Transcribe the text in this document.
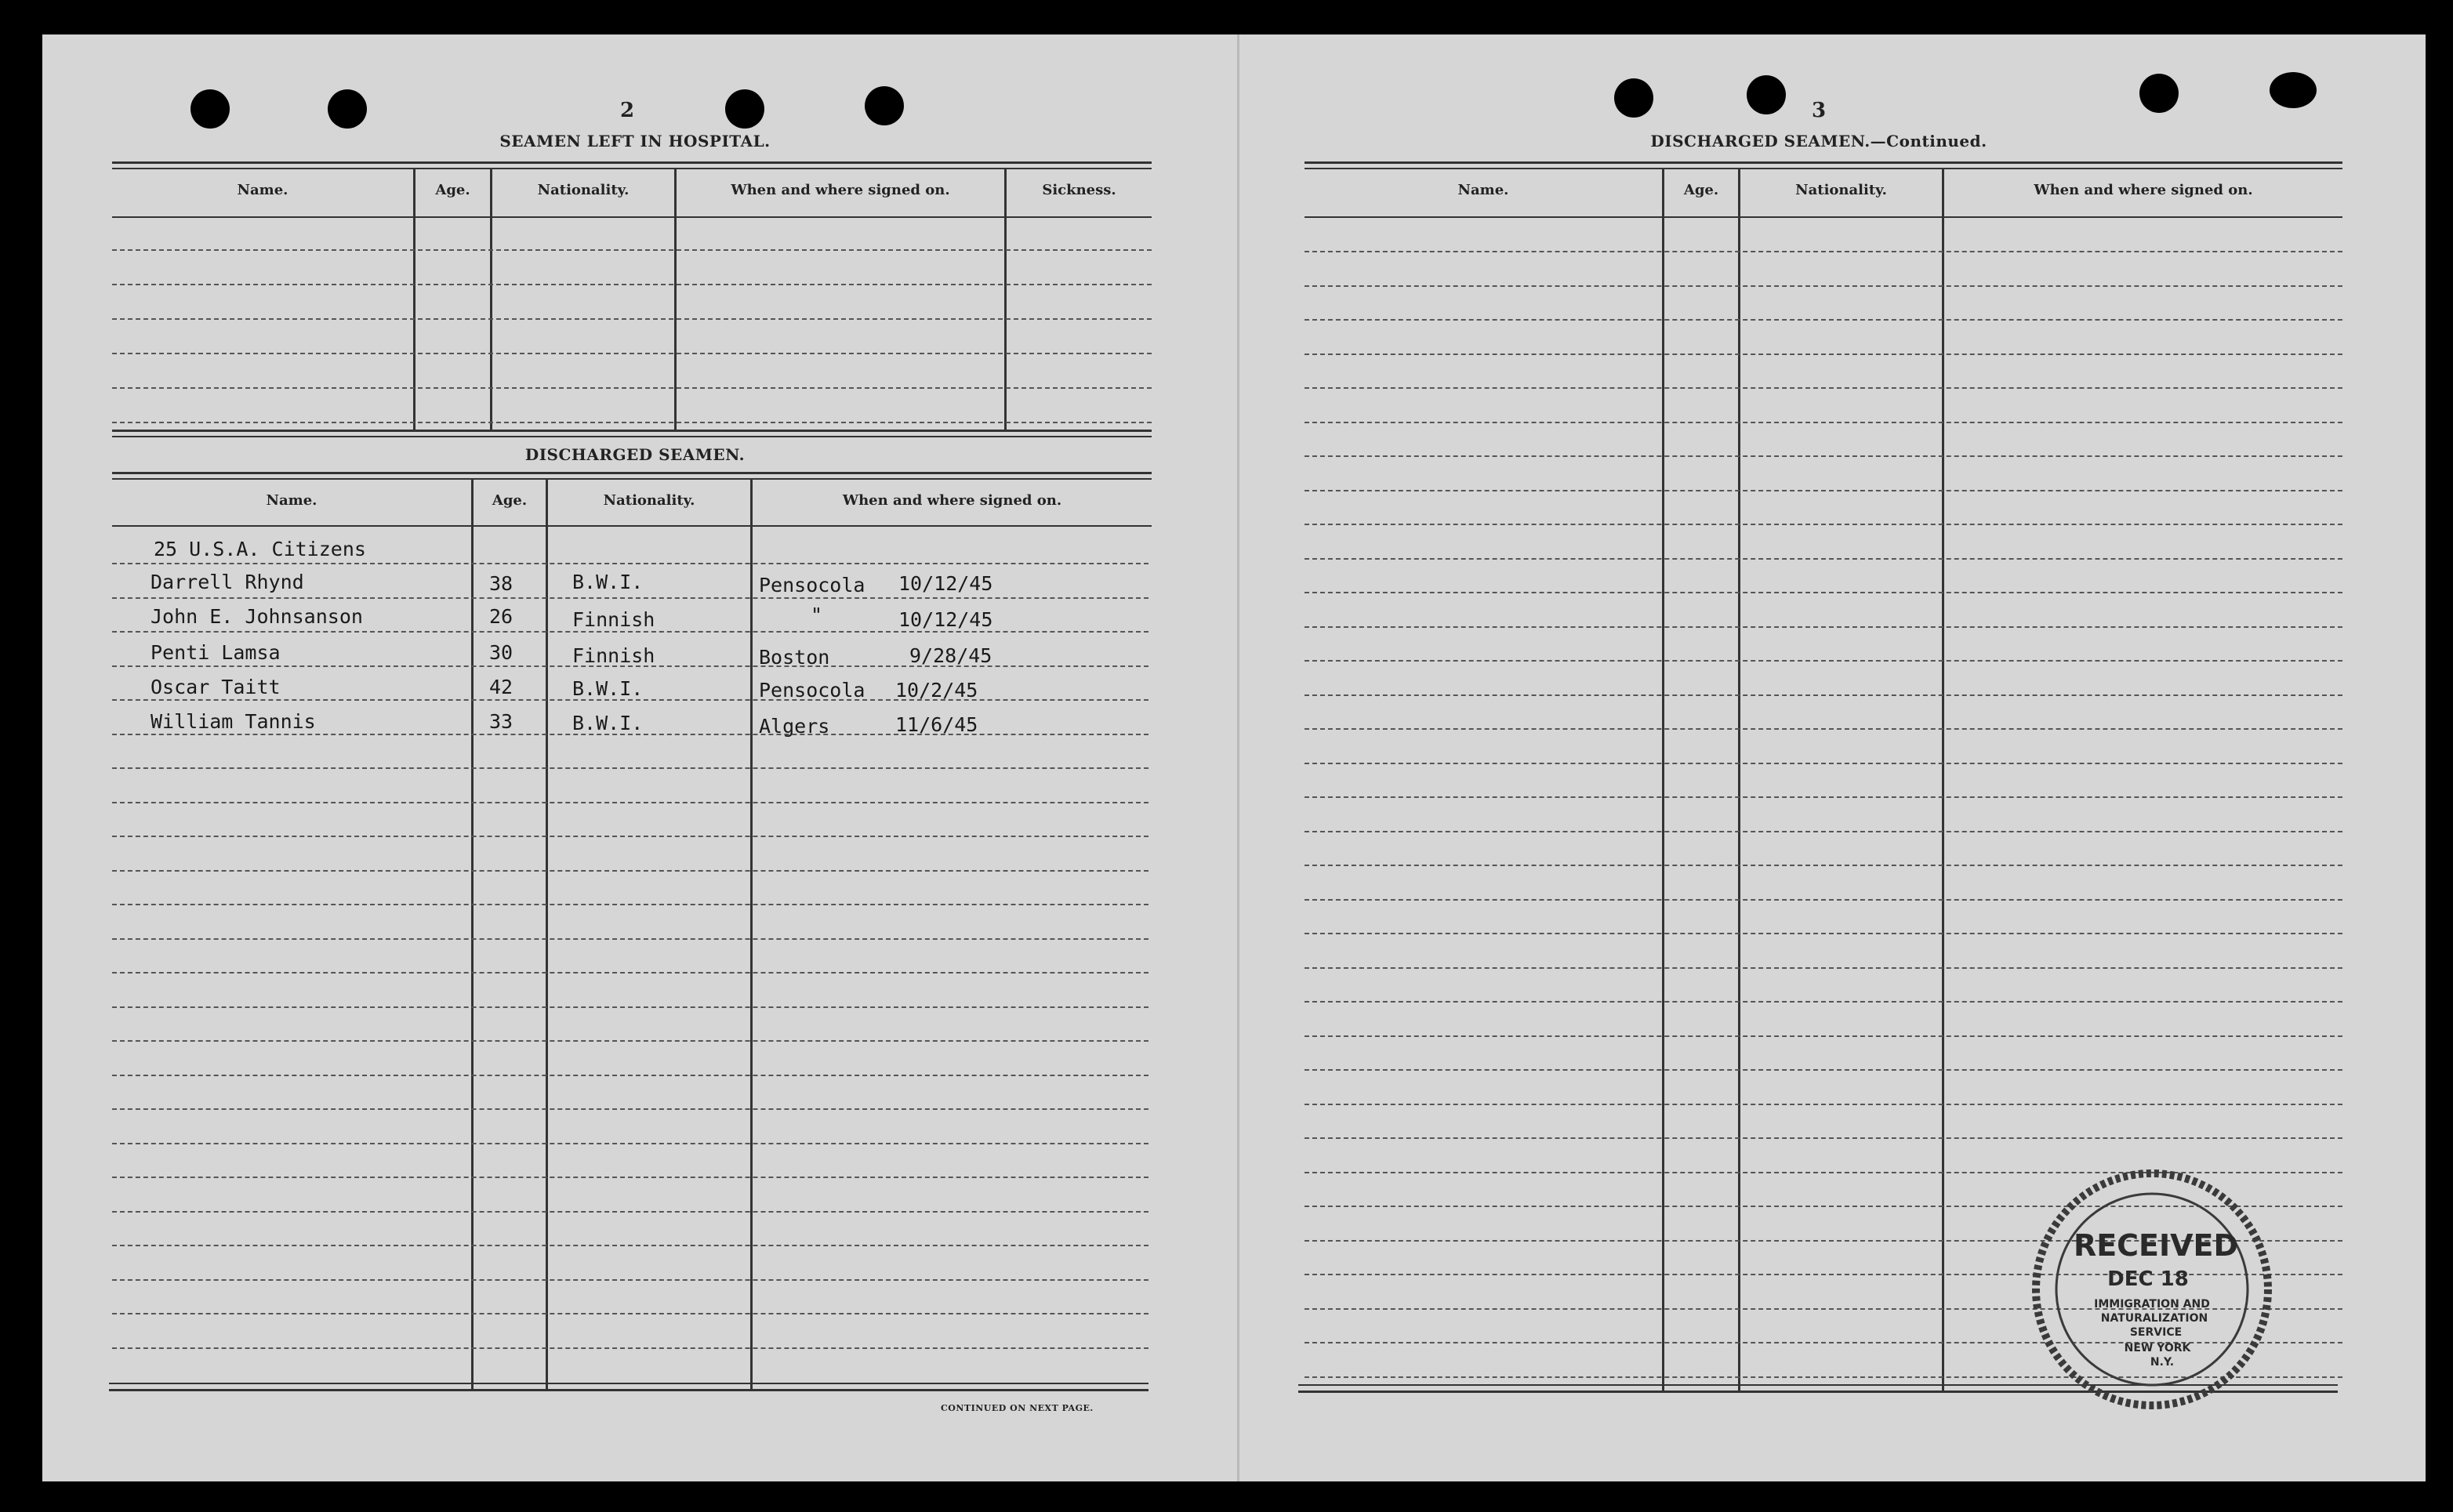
2
SEAMEN LEFT IN HOSPITAL.
Name.	Age.	Nationality.	When and where signed on.	Sickness.
DISCHARGED SEAMEN.
Name.	Age.	Nationality.	When and where signed on.
25 U.S.A. Citizens
Darrell Rhynd	38	B.W.I.	Pensocola 10/12/45
John E. Johnsanson	26	Finnish	"	10/12/45
Penti Lamsa	30	Finnish	Boston	9/28/45
Oscar Taitt	42	B.W.I.	Pensocola 10/2/45
William Tannis	33	B.W.I.	Algers	11/6/45
CONTINUED ON NEXT PAGE.
3
DISCHARGED SEAMEN.—Continued.
Name.	Age.	Nationality.	When and where signed on.
RECEIVED
DEC 18
IMMIGRATION AND
NATURALIZATION
SERVICE
NEW YORK
N.Y.
